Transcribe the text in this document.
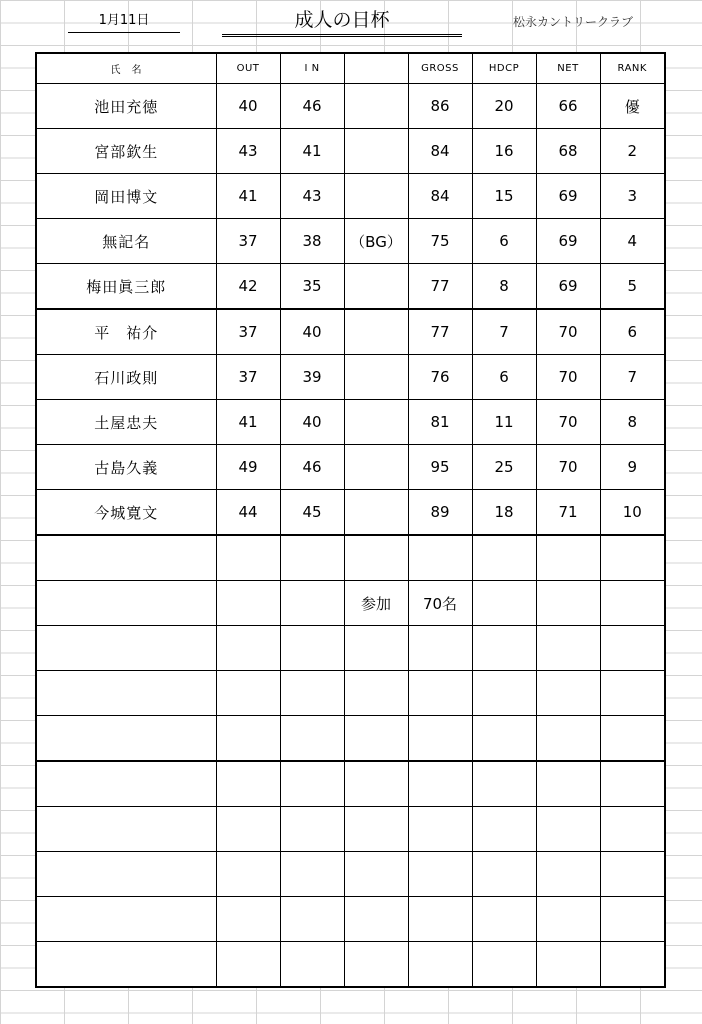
1月11日	成人の日杯	松永カントリークラブ
氏　名	OUT	I N		GROSS	HDCP	NET	RANK
池田充徳	40	46		86	20	66	優
宮部欽生	43	41		84	16	68	2
岡田博文	41	43		84	15	69	3
無記名	37	38	（BG）	75	6	69	4
梅田眞三郎	42	35		77	8	69	5
平　祐介	37	40		77	7	70	6
石川政則	37	39		76	6	70	7
土屋忠夫	41	40		81	11	70	8
古島久義	49	46		95	25	70	9
今城寛文	44	45		89	18	71	10

			参加	70名			
